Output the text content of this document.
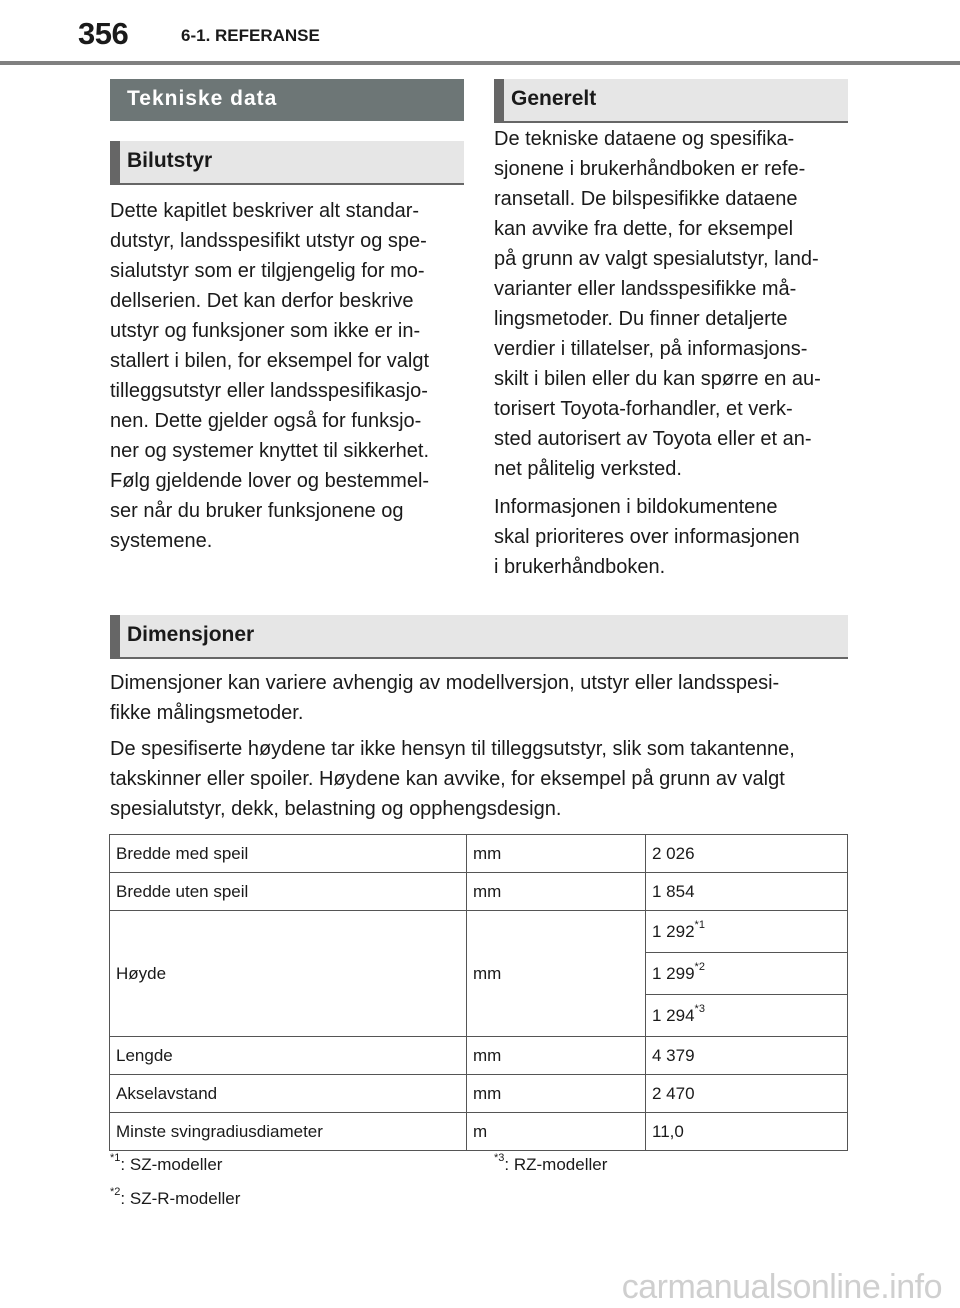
356	6-1. REFERANSE
Tekniske data
Bilutstyr

Dette kapitlet beskriver alt standar-
dutstyr, landsspesifikt utstyr og spe-
sialutstyr som er tilgjengelig for mo-
dellserien. Det kan derfor beskrive
utstyr og funksjoner som ikke er in-
stallert i bilen, for eksempel for valgt
tilleggsutstyr eller landsspesifikasjo-
nen. Dette gjelder også for funksjo-
ner og systemer knyttet til sikkerhet.
Følg gjeldende lover og bestemmel-
ser når du bruker funksjonene og
systemene.

Generelt

De tekniske dataene og spesifika-
sjonene i brukerhåndboken er refe-
ransetall. De bilspesifikke dataene
kan avvike fra dette, for eksempel
på grunn av valgt spesialutstyr, land-
varianter eller landsspesifikke må-
lingsmetoder. Du finner detaljerte
verdier i tillatelser, på informasjons-
skilt i bilen eller du kan spørre en au-
torisert Toyota-forhandler, et verk-
sted autorisert av Toyota eller et an-
net pålitelig verksted.

Informasjonen i bildokumentene
skal prioriteres over informasjonen
i brukerhåndboken.

Dimensjoner

Dimensjoner kan variere avhengig av modellversjon, utstyr eller landsspesi-
fikke målingsmetoder.

De spesifiserte høydene tar ikke hensyn til tilleggsutstyr, slik som takantenne,
takskinner eller spoiler. Høydene kan avvike, for eksempel på grunn av valgt
spesialutstyr, dekk, belastning og opphengsdesign.

Bredde med speil	mm	2 026
Bredde uten speil	mm	1 854
Høyde	mm	1 292$^{*1}$
		1 299$^{*2}$
		1 294$^{*3}$
Lengde	mm	4 379
Akselavstand	mm	2 470
Minste svingradiusdiameter	m	11,0
$^{*1}$: SZ-modeller
$^{*2}$: SZ-R-modeller
$^{*3}$: RZ-modeller
carmanualsonline.info
